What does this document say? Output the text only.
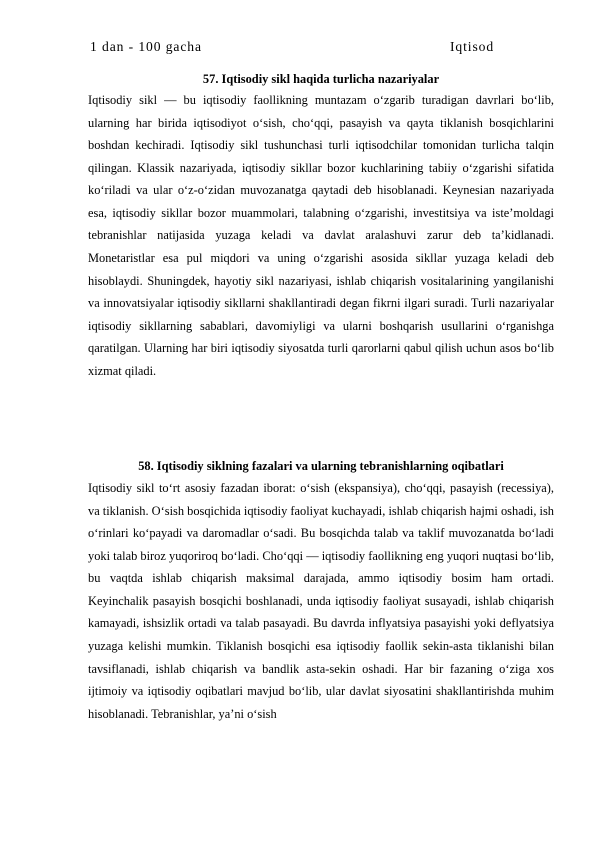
1 dan - 100 gacha	Iqtisod
57. Iqtisodiy sikl haqida turlicha nazariyalar

Iqtisodiy sikl — bu iqtisodiy faollikning muntazam o‘zgarib turadigan davrlari bo‘lib, ularning har birida iqtisodiyot o‘sish, cho‘qqi, pasayish va qayta tiklanish bosqichlarini boshdan kechiradi. Iqtisodiy sikl tushunchasi turli iqtisodchilar tomonidan turlicha talqin qilingan. Klassik nazariyada, iqtisodiy sikllar bozor kuchlarining tabiiy o‘zgarishi sifatida ko‘riladi va ular o‘z-o‘zidan muvozanatga qaytadi deb hisoblanadi. Keynesian nazariyada esa, iqtisodiy sikllar bozor muammolari, talabning o‘zgarishi, investitsiya va iste’moldagi tebranishlar natijasida yuzaga keladi va davlat aralashuvi zarur deb ta’kidlanadi. Monetaristlar esa pul miqdori va uning o‘zgarishi asosida sikllar yuzaga keladi deb hisoblaydi. Shuningdek, hayotiy sikl nazariyasi, ishlab chiqarish vositalarining yangilanishi va innovatsiyalar iqtisodiy sikllarni shakllantiradi degan fikrni ilgari suradi. Turli nazariyalar iqtisodiy sikllarning sabablari, davomiyligi va ularni boshqarish usullarini o‘rganishga qaratilgan. Ularning har biri iqtisodiy siyosatda turli qarorlarni qabul qilish uchun asos bo‘lib xizmat qiladi.

58. Iqtisodiy siklning fazalari va ularning tebranishlarning oqibatlari

Iqtisodiy sikl to‘rt asosiy fazadan iborat: o‘sish (ekspansiya), cho‘qqi, pasayish (recessiya), va tiklanish. O‘sish bosqichida iqtisodiy faoliyat kuchayadi, ishlab chiqarish hajmi oshadi, ish o‘rinlari ko‘payadi va daromadlar o‘sadi. Bu bosqichda talab va taklif muvozanatda bo‘ladi yoki talab biroz yuqoriroq bo‘ladi. Cho‘qqi — iqtisodiy faollikning eng yuqori nuqtasi bo‘lib, bu vaqtda ishlab chiqarish maksimal darajada, ammo iqtisodiy bosim ham ortadi. Keyinchalik pasayish bosqichi boshlanadi, unda iqtisodiy faoliyat susayadi, ishlab chiqarish kamayadi, ishsizlik ortadi va talab pasayadi. Bu davrda inflyatsiya pasayishi yoki deflyatsiya yuzaga kelishi mumkin. Tiklanish bosqichi esa iqtisodiy faollik sekin-asta tiklanishi bilan tavsiflanadi, ishlab chiqarish va bandlik asta-sekin oshadi. Har bir fazaning o‘ziga xos ijtimoiy va iqtisodiy oqibatlari mavjud bo‘lib, ular davlat siyosatini shakllantirishda muhim hisoblanadi. Tebranishlar, ya’ni o‘sish
